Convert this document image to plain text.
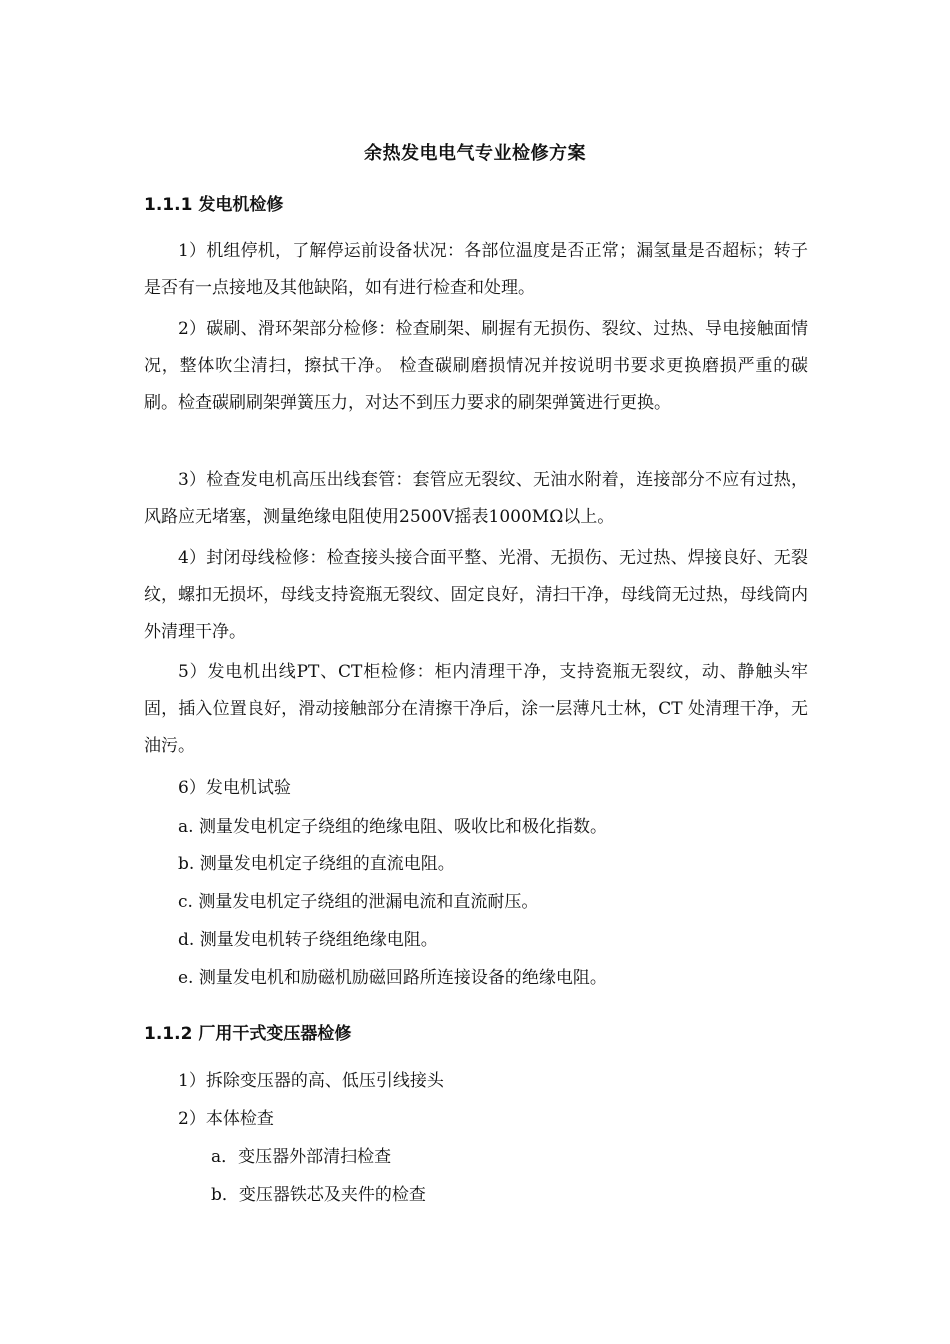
余热发电电气专业检修方案
1.1.1 发电机检修
1）机组停机，了解停运前设备状况：各部位温度是否正常；漏氢量是否超标；转子是否有一点接地及其他缺陷，如有进行检查和处理。
2）碳刷、滑环架部分检修：检查刷架、刷握有无损伤、裂纹、过热、导电接触面情况，整体吹尘清扫，擦拭干净。 检查碳刷磨损情况并按说明书要求更换磨损严重的碳刷。检查碳刷刷架弹簧压力，对达不到压力要求的刷架弹簧进行更换。
3）检查发电机高压出线套管：套管应无裂纹、无油水附着，连接部分不应有过热，风路应无堵塞，测量绝缘电阻使用2500V摇表1000MΩ以上。
4）封闭母线检修：检查接头接合面平整、光滑、无损伤、无过热、焊接良好、无裂纹，螺扣无损坏，母线支持瓷瓶无裂纹、固定良好，清扫干净，母线筒无过热，母线筒内外清理干净。
5）发电机出线PT、CT柜检修：柜内清理干净，支持瓷瓶无裂纹，动、静触头牢固，插入位置良好，滑动接触部分在清擦干净后，涂一层薄凡士林，CT 处清理干净，无油污。
6）发电机试验
a. 测量发电机定子绕组的绝缘电阻、吸收比和极化指数。
b. 测量发电机定子绕组的直流电阻。
c. 测量发电机定子绕组的泄漏电流和直流耐压。
d. 测量发电机转子绕组绝缘电阻。
e. 测量发电机和励磁机励磁回路所连接设备的绝缘电阻。
1.1.2 厂用干式变压器检修
1）拆除变压器的高、低压引线接头
2）本体检查
a．变压器外部清扫检查
b．变压器铁芯及夹件的检查
